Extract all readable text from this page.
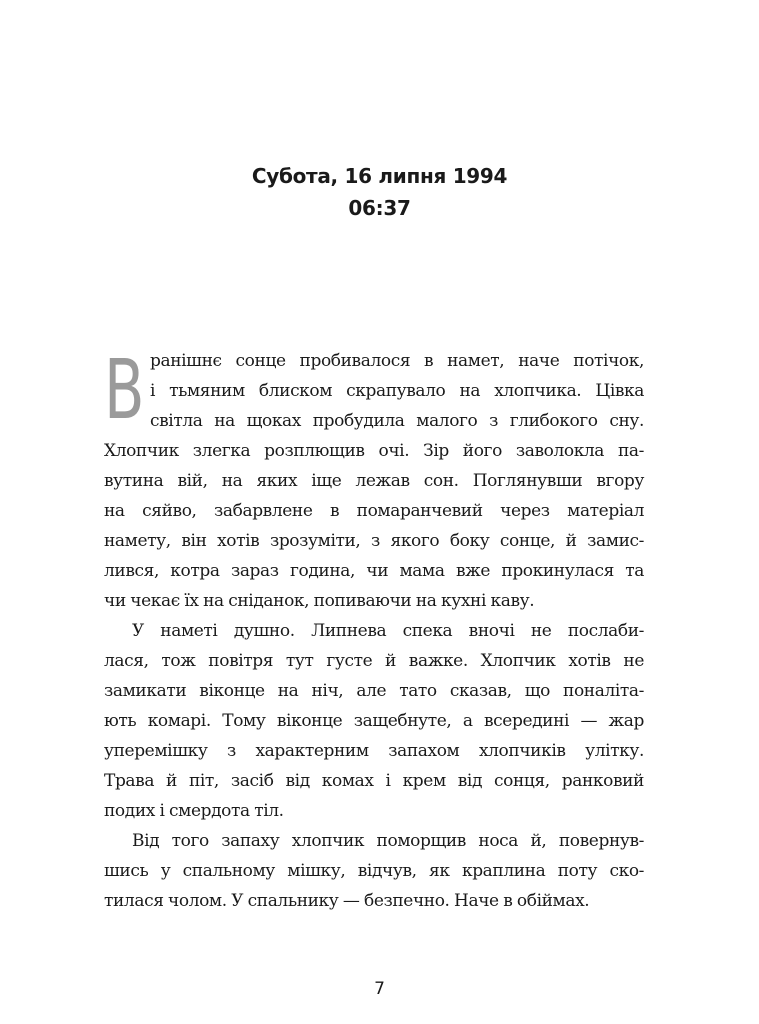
Субота, 16 липня 1994
06:37
В ранішнє сонце пробивалося в намет, наче потічок,
і тьмяним блиском скрапувало на хлопчика. Цівка
світла на щоках пробудила малого з глибокого сну.
Хлопчик злегка розплющив очі. Зір його заволокла па-
вутина вій, на яких іще лежав сон. Поглянувши вгору
на сяйво, забарвлене в помаранчевий через матеріал
намету, він хотів зрозуміти, з якого боку сонце, й замис-
лився, котра зараз година, чи мама вже прокинулася та
чи чекає їх на сніданок, попиваючи на кухні каву.
У наметі душно. Липнева спека вночі не послаби-
лася, тож повітря тут густе й важке. Хлопчик хотів не
замикати віконце на ніч, але тато сказав, що поналіта-
ють комарі. Тому віконце защебнуте, а всередині — жар
уперемішку з характерним запахом хлопчиків улітку.
Трава й піт, засіб від комах і крем від сонця, ранковий
подих і смердота тіл.
Від того запаху хлопчик поморщив носа й, повернув-
шись у спальному мішку, відчув, як краплина поту ско-
тилася чолом. У спальнику — безпечно. Наче в обіймах.
7
